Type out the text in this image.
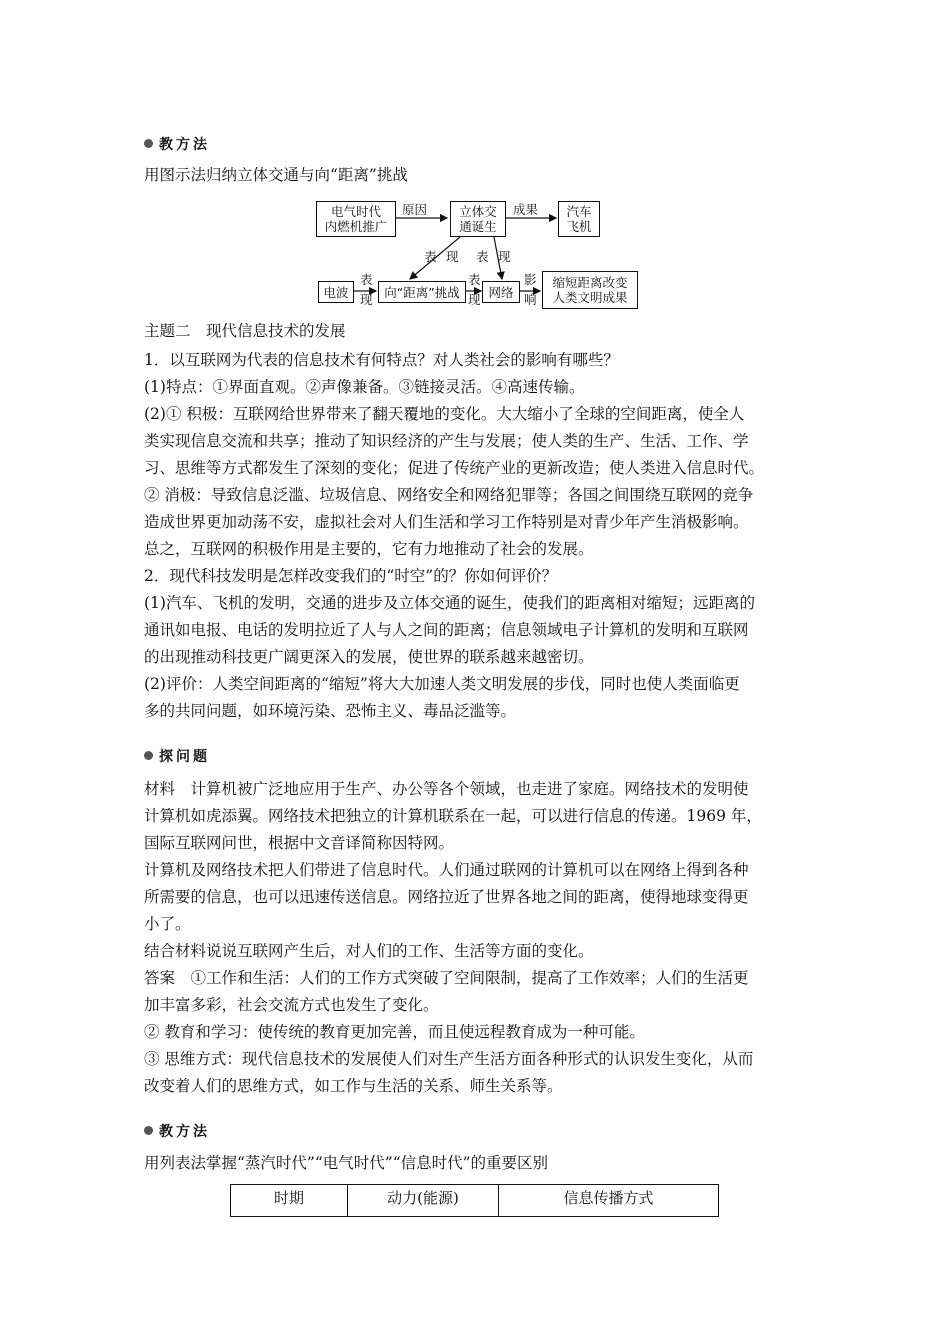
教方法
用图示法归纳立体交通与向“距离”挑战
电气时代
内燃机推广
原因	立体交
通诞生
成果	汽车
飞机
表 现 表 现
电波
表
现 向“距离”挑战
表
现 网络
影
响
缩短距离改变
人类文明成果
主题二　现代信息技术的发展
1．以互联网为代表的信息技术有何特点？对人类社会的影响有哪些？
(1)特点：①界面直观。②声像兼备。③链接灵活。④高速传输。
(2)① 积极：互联网给世界带来了翻天覆地的变化。大大缩小了全球的空间距离，使全人
类实现信息交流和共享；推动了知识经济的产生与发展；使人类的生产、生活、工作、学
习、思维等方式都发生了深刻的变化；促进了传统产业的更新改造；使人类进入信息时代。
② 消极：导致信息泛滥、垃圾信息、网络安全和网络犯罪等；各国之间围绕互联网的竞争
造成世界更加动荡不安，虚拟社会对人们生活和学习工作特别是对青少年产生消极影响。
总之，互联网的积极作用是主要的，它有力地推动了社会的发展。
2．现代科技发明是怎样改变我们的“时空”的？你如何评价？
(1)汽车、飞机的发明，交通的进步及立体交通的诞生，使我们的距离相对缩短；远距离的
通讯如电报、电话的发明拉近了人与人之间的距离；信息领域电子计算机的发明和互联网
的出现推动科技更广阔更深入的发展，使世界的联系越来越密切。
(2)评价：人类空间距离的“缩短”将大大加速人类文明发展的步伐，同时也使人类面临更
多的共同问题，如环境污染、恐怖主义、毒品泛滥等。
探问题
材料　计算机被广泛地应用于生产、办公等各个领域，也走进了家庭。网络技术的发明使
计算机如虎添翼。网络技术把独立的计算机联系在一起，可以进行信息的传递。1969 年，
国际互联网问世，根据中文音译简称因特网。
计算机及网络技术把人们带进了信息时代。人们通过联网的计算机可以在网络上得到各种
所需要的信息，也可以迅速传送信息。网络拉近了世界各地之间的距离，使得地球变得更
小了。
结合材料说说互联网产生后，对人们的工作、生活等方面的变化。
答案　①工作和生活：人们的工作方式突破了空间限制，提高了工作效率；人们的生活更
加丰富多彩，社会交流方式也发生了变化。
② 教育和学习：使传统的教育更加完善，而且使远程教育成为一种可能。
③ 思维方式：现代信息技术的发展使人们对生产生活方面各种形式的认识发生变化，从而
改变着人们的思维方式，如工作与生活的关系、师生关系等。
教方法
用列表法掌握“蒸汽时代”“电气时代”“信息时代”的重要区别
时期	动力(能源)	信息传播方式
